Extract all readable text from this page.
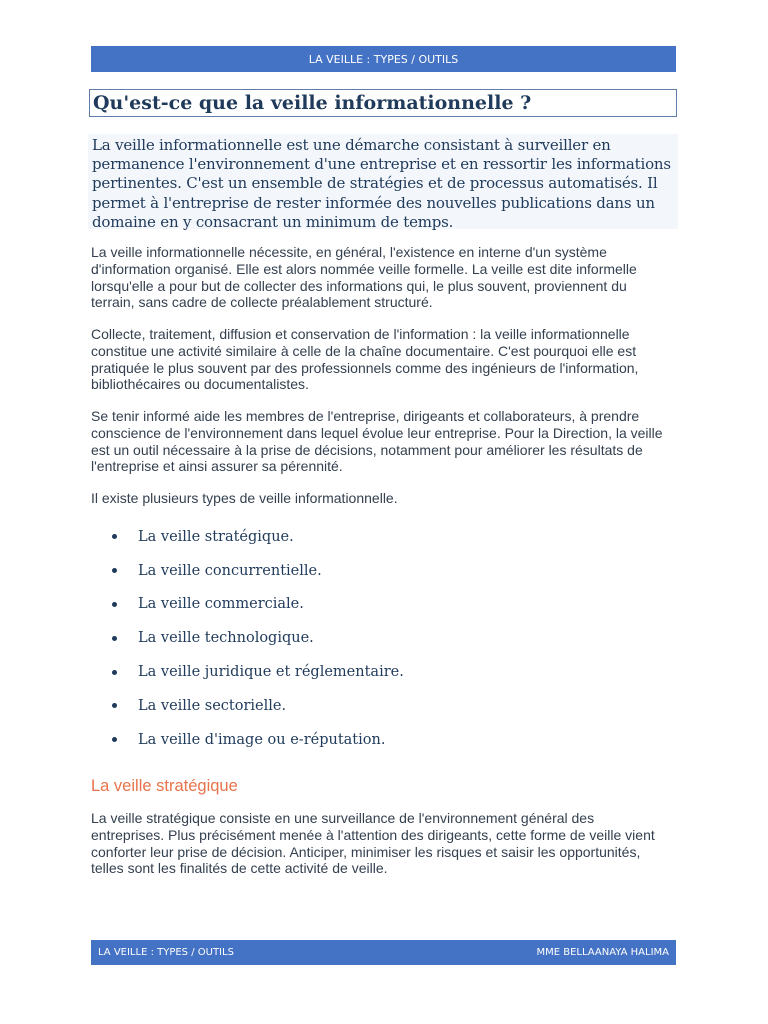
LA VEILLE : TYPES / OUTILS
Qu'est-ce que la veille informationnelle ?
La veille informationnelle est une démarche consistant à surveiller en permanence l'environnement d'une entreprise et en ressortir les informations pertinentes. C'est un ensemble de stratégies et de processus automatisés. Il permet à l'entreprise de rester informée des nouvelles publications dans un domaine en y consacrant un minimum de temps.

La veille informationnelle nécessite, en général, l'existence en interne d'un système d'information organisé. Elle est alors nommée veille formelle. La veille est dite informelle lorsqu'elle a pour but de collecter des informations qui, le plus souvent, proviennent du terrain, sans cadre de collecte préalablement structuré.

Collecte, traitement, diffusion et conservation de l'information : la veille informationnelle constitue une activité similaire à celle de la chaîne documentaire. C'est pourquoi elle est pratiquée le plus souvent par des professionnels comme des ingénieurs de l'information, bibliothécaires ou documentalistes.

Se tenir informé aide les membres de l'entreprise, dirigeants et collaborateurs, à prendre conscience de l'environnement dans lequel évolue leur entreprise. Pour la Direction, la veille est un outil nécessaire à la prise de décisions, notamment pour améliorer les résultats de l'entreprise et ainsi assurer sa pérennité.

Il existe plusieurs types de veille informationnelle.

La veille stratégique.
La veille concurrentielle.
La veille commerciale.
La veille technologique.
La veille juridique et réglementaire.
La veille sectorielle.
La veille d'image ou e-réputation.
La veille stratégique

La veille stratégique consiste en une surveillance de l'environnement général des entreprises. Plus précisément menée à l'attention des dirigeants, cette forme de veille vient conforter leur prise de décision. Anticiper, minimiser les risques et saisir les opportunités, telles sont les finalités de cette activité de veille.

LA VEILLE : TYPES / OUTILS	MME BELLAANAYA HALIMA
